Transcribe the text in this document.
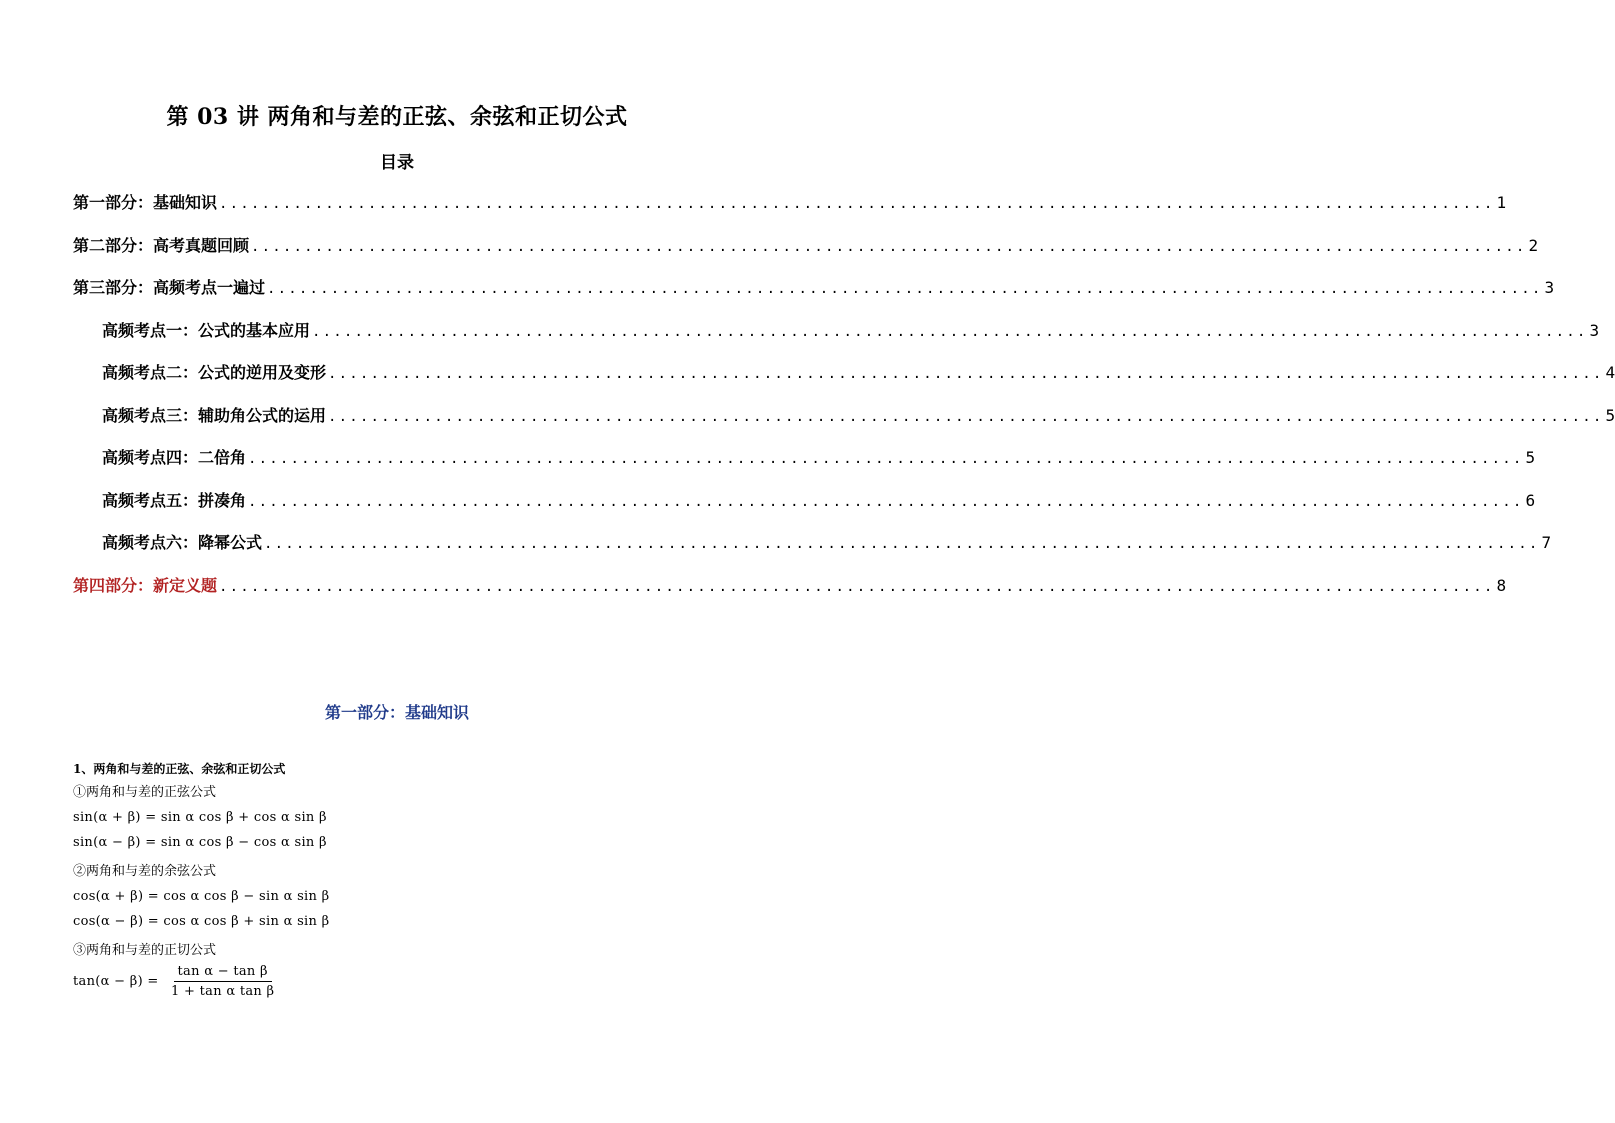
第 03 讲 两角和与差的正弦、余弦和正切公式
目录
第一部分：基础知识 ........................................................................................................................ 1
第二部分：高考真题回顾 ........................................................................................................................ 2
第三部分：高频考点一遍过 ........................................................................................................................ 3
高频考点一：公式的基本应用 ........................................................................................................................ 3
高频考点二：公式的逆用及变形 ........................................................................................................................ 4
高频考点三：辅助角公式的运用 ........................................................................................................................ 5
高频考点四：二倍角 ........................................................................................................................ 5
高频考点五：拼凑角 ........................................................................................................................ 6
高频考点六：降幂公式 ........................................................................................................................ 7
第四部分：新定义题 ........................................................................................................................ 8
第一部分：基础知识
1、两角和与差的正弦、余弦和正切公式
①两角和与差的正弦公式
sin(α + β) = sin α cos β + cos α sin β
sin(α − β) = sin α cos β − cos α sin β
②两角和与差的余弦公式
cos(α + β) = cos α cos β − sin α sin β
cos(α − β) = cos α cos β + sin α sin β
③两角和与差的正切公式
$\tan(\alpha - \beta) = \frac{\text{tan α − tan β}}{\text{1 + tan α tan β}}$
